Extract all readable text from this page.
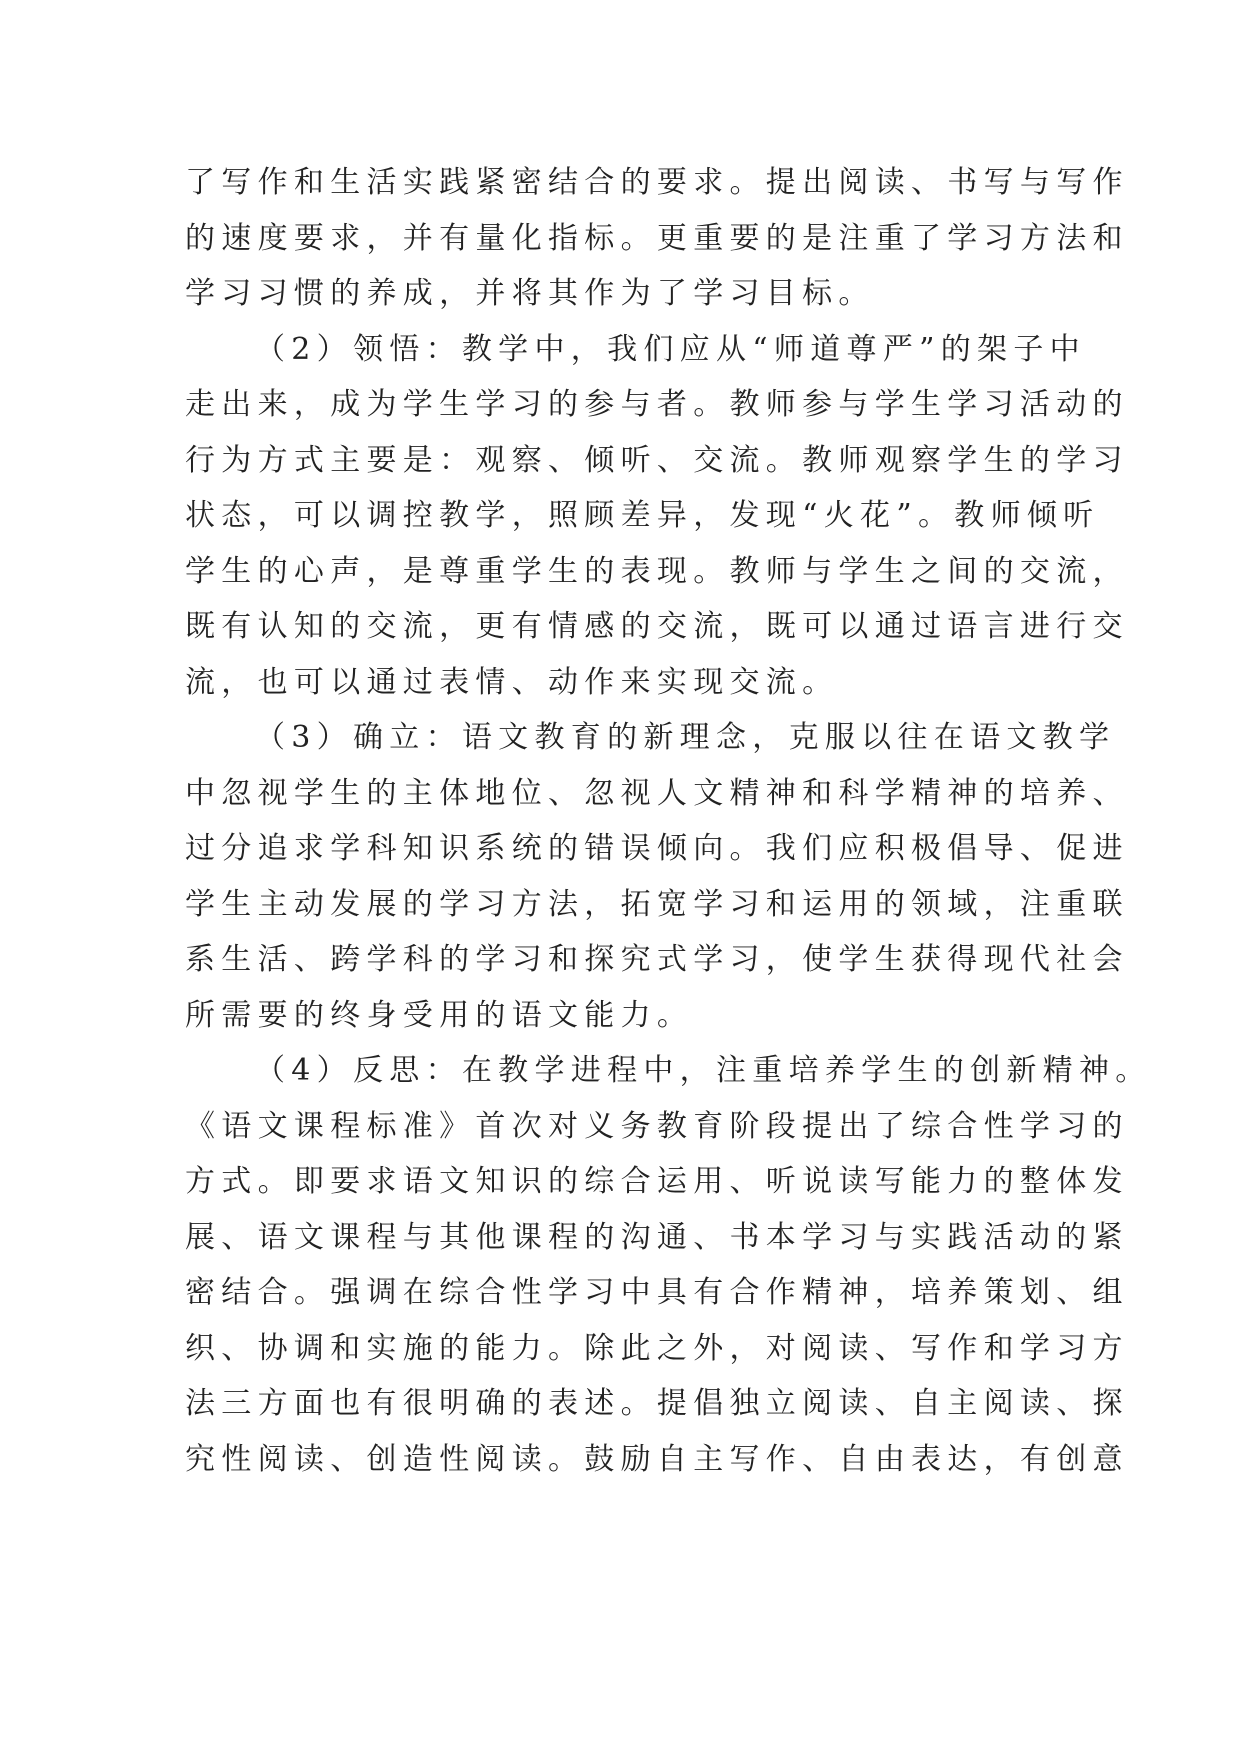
了写作和生活实践紧密结合的要求。提出阅读、书写与写作
的速度要求，并有量化指标。更重要的是注重了学习方法和
学习习惯的养成，并将其作为了学习目标。
（2）领悟：教学中，我们应从“师道尊严”的架子中
走出来，成为学生学习的参与者。教师参与学生学习活动的
行为方式主要是：观察、倾听、交流。教师观察学生的学习
状态，可以调控教学，照顾差异，发现“火花”。教师倾听
学生的心声，是尊重学生的表现。教师与学生之间的交流，
既有认知的交流，更有情感的交流，既可以通过语言进行交
流，也可以通过表情、动作来实现交流。
（3）确立：语文教育的新理念，克服以往在语文教学
中忽视学生的主体地位、忽视人文精神和科学精神的培养、
过分追求学科知识系统的错误倾向。我们应积极倡导、促进
学生主动发展的学习方法，拓宽学习和运用的领域，注重联
系生活、跨学科的学习和探究式学习，使学生获得现代社会
所需要的终身受用的语文能力。
（4）反思：在教学进程中，注重培养学生的创新精神。
《语文课程标准》首次对义务教育阶段提出了综合性学习的
方式。即要求语文知识的综合运用、听说读写能力的整体发
展、语文课程与其他课程的沟通、书本学习与实践活动的紧
密结合。强调在综合性学习中具有合作精神，培养策划、组
织、协调和实施的能力。除此之外，对阅读、写作和学习方
法三方面也有很明确的表述。提倡独立阅读、自主阅读、探
究性阅读、创造性阅读。鼓励自主写作、自由表达，有创意
